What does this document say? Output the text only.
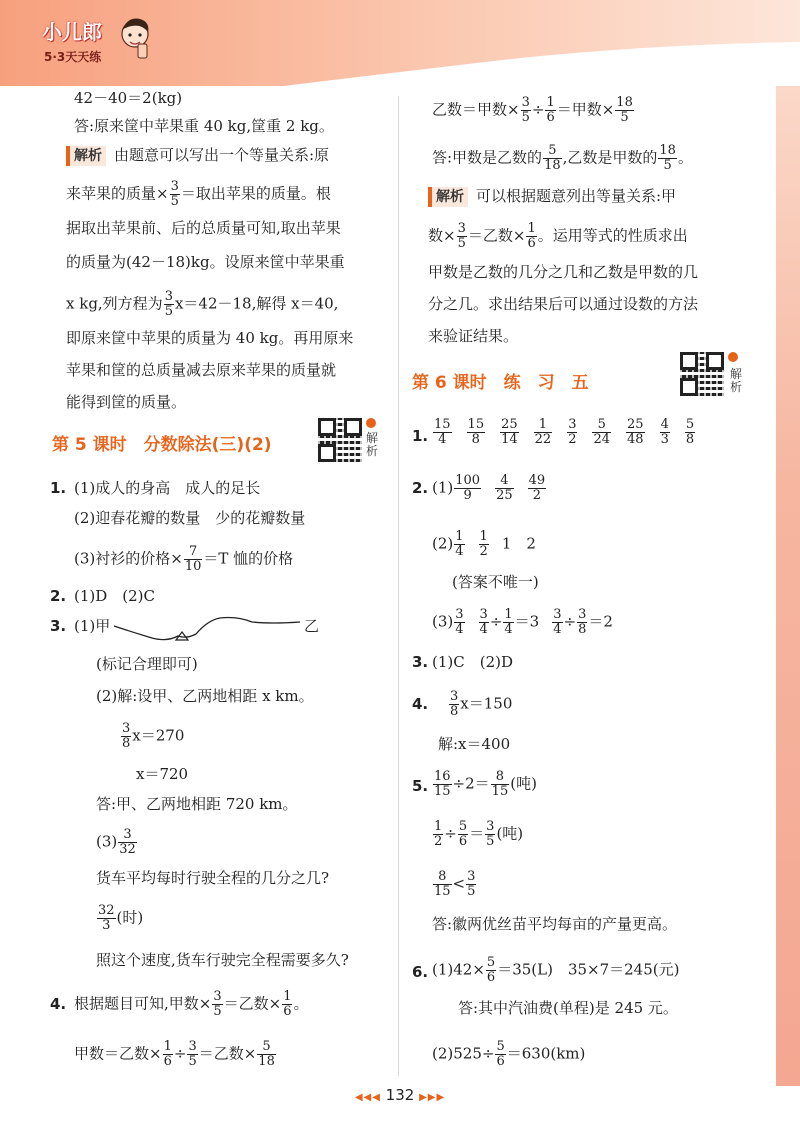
小儿郎
5·3天天练
42－40＝2(kg)
答:原来筐中苹果重 40 kg,筐重 2 kg。
解析 由题意可以写出一个等量关系:原
来苹果的质量× $\frac{3}{5}$ ＝取出苹果的质量。根
据取出苹果前、后的总质量可知,取出苹果
的质量为(42－18)kg。设原来筐中苹果重
x kg,列方程为 $\frac{3}{5} x=42-18$,解得 x＝40,
即原来筐中苹果的质量为 40 kg。再用原来
苹果和筐的总质量减去原来苹果的质量就
能得到筐的质量。
第 5 课时　分数除法(三)(2)	解析
1. (1)成人的身高　成人的足长
(2)迎春花瓣的数量　少的花瓣数量
(3)衬衫的价格× $\frac{7}{10} =T$ 恤的价格
2. (1)D　(2)C
3. (1)甲	乙
(标记合理即可)
(2)解:设甲、乙两地相距 x km。
$\frac{3}{8} x=270$
x＝720
答:甲、乙两地相距 720 km。
$(3) \frac{3}{32}$
货车平均每时行驶全程的几分之几?
$\frac{32}{3}$ (时)
照这个速度,货车行驶完全程需要多久?
4. 根据题目可知,甲数× $\frac{3}{5}$ ＝乙数× $\frac{1}{6}$ 。
甲数＝乙数× $\frac{1}{6} \div \frac{3}{5}$ ＝乙数× $\frac{5}{18}$
乙数＝甲数× $\frac{3}{5} \div \frac{1}{6}$ ＝甲数× $\frac{18}{5}$
答:甲数是乙数的 $\frac{5}{18}$ ,乙数是甲数的 $\frac{18}{5}$ 。
解析 可以根据题意列出等量关系:甲
数× $\frac{3}{5}$ ＝乙数× $\frac{1}{6}$ 。运用等式的性质求出
甲数是乙数的几分之几和乙数是甲数的几
分之几。求出结果后可以通过设数的方法
来验证结果。
第 6 课时　练　习　五	解析
1. $\frac{15}{4} \frac{15}{8} \frac{25}{14} \frac{1}{22} \frac{3}{2} \frac{5}{24} \frac{25}{48} \frac{4}{3} \frac{5}{8}$
2. $(1) \frac{100}{9} \frac{4}{25} \frac{49}{2}$
$(2) \frac{1}{4} \frac{1}{2} 1$　2
(答案不唯一)
$(3) \frac{3}{4} \frac{3}{4} \div \frac{1}{4} =3 \frac{3}{4} \div \frac{3}{8} =2$
3. (1)C　(2)D
4. $\frac{3}{8} x=150$
解:x＝400
5. $\frac{16}{15} \div 2= \frac{8}{15}$ (吨)
$\frac{1}{2} \div \frac{5}{6} = \frac{3}{5}$ (吨)
$\frac{8}{15} < \frac{3}{5}$
答:徽两优丝苗平均每亩的产量更高。
6. $(1)42\times \frac{5}{6} =35(L)$　35×7＝245(元)
答:其中汽油费(单程)是 245 元。
$(2)525\div \frac{5}{6} =630(km)$
◀◀◀ 132 ▶▶▶
